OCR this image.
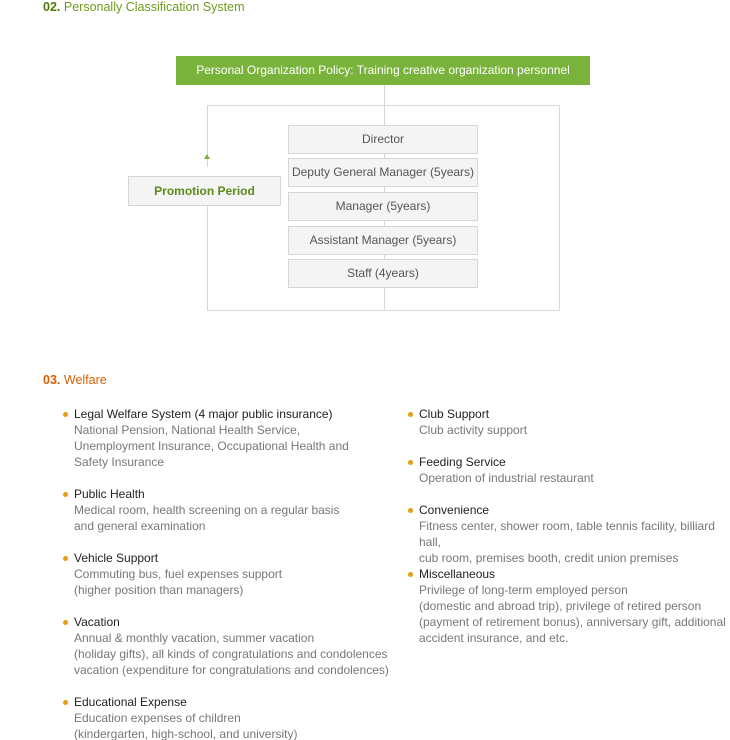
02. Personally Classification System
Personal Organization Policy: Training creative organization personnel
Director
Deputy General Manager (5years)
Manager (5years)
Assistant Manager (5years)
Staff (4years)
Promotion Period
03. Welfare
Legal Welfare System (4 major public insurance)
National Pension, National Health Service,
Unemployment Insurance, Occupational Health and
Safety Insurance
Public Health
Medical room, health screening on a regular basis
and general examination
Vehicle Support
Commuting bus, fuel expenses support
(higher position than managers)
Vacation
Annual & monthly vacation, summer vacation
(holiday gifts), all kinds of congratulations and condolences
vacation (expenditure for congratulations and condolences)
Educational Expense
Education expenses of children
(kindergarten, high-school, and university)
Club Support
Club activity support
Feeding Service
Operation of industrial restaurant
Convenience
Fitness center, shower room, table tennis facility, billiard hall,
cub room, premises booth, credit union premises
Miscellaneous
Privilege of long-term employed person
(domestic and abroad trip), privilege of retired person
(payment of retirement bonus), anniversary gift, additional
accident insurance, and etc.
